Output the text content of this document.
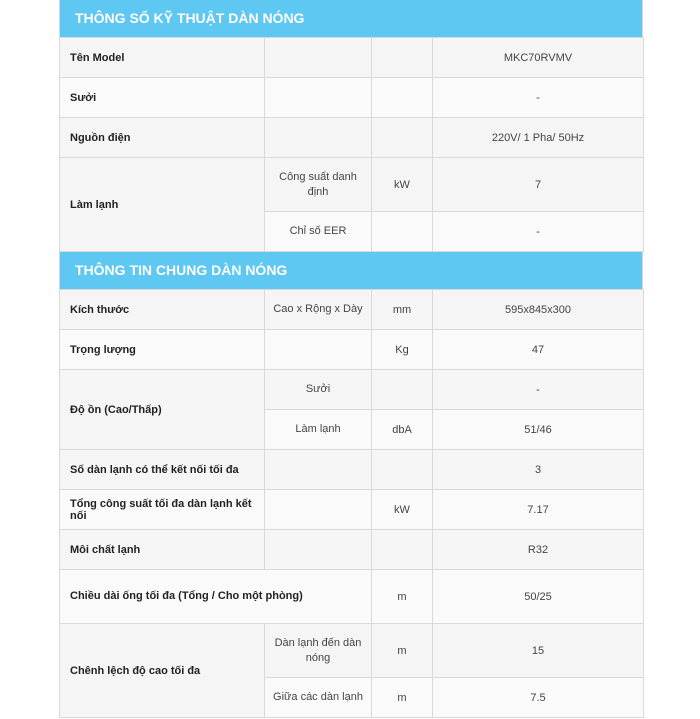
THÔNG SỐ KỸ THUẬT DÀN NÓNG
Tên Model			MKC70RVMV
Sưởi			-
Nguồn điện			220V/ 1 Pha/ 50Hz
Làm lạnh	Công suất danh định	kW	7
	Chỉ số EER		-
THÔNG TIN CHUNG DÀN NÓNG
Kích thước	Cao x Rộng x Dày	mm	595x845x300
Trọng lượng		Kg	47
Độ ồn (Cao/Thấp)	Sưởi		-
	Làm lạnh	dbA	51/46
Số dàn lạnh có thể kết nối tối đa			3
Tổng công suất tối đa dàn lạnh kết nối		kW	7.17
Môi chất lạnh			R32
Chiều dài ống tối đa (Tổng / Cho một phòng)		m	50/25
Chênh lệch độ cao tối đa	Dàn lạnh đến dàn nóng	m	15
	Giữa các dàn lạnh	m	7.5
